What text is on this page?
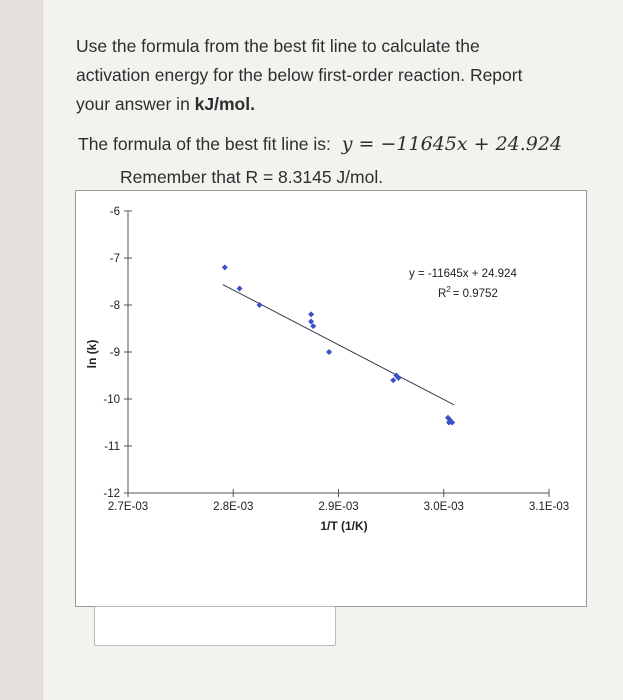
Use the formula from the best fit line to calculate the
activation energy for the below first-order reaction. Report
your answer in kJ/mol.

The formula of the best fit line is: y = −11645x + 24.924
Remember that R = 8.3145 J/mol.
-6
-7
-8
-9
-10
-11
-12
2.7E-03	2.8E-03	2.9E-03	3.0E-03	3.1E-03
y = -11645x + 24.924
$R^2 = 0.9752$
1/T (1/K)
ln (k)
